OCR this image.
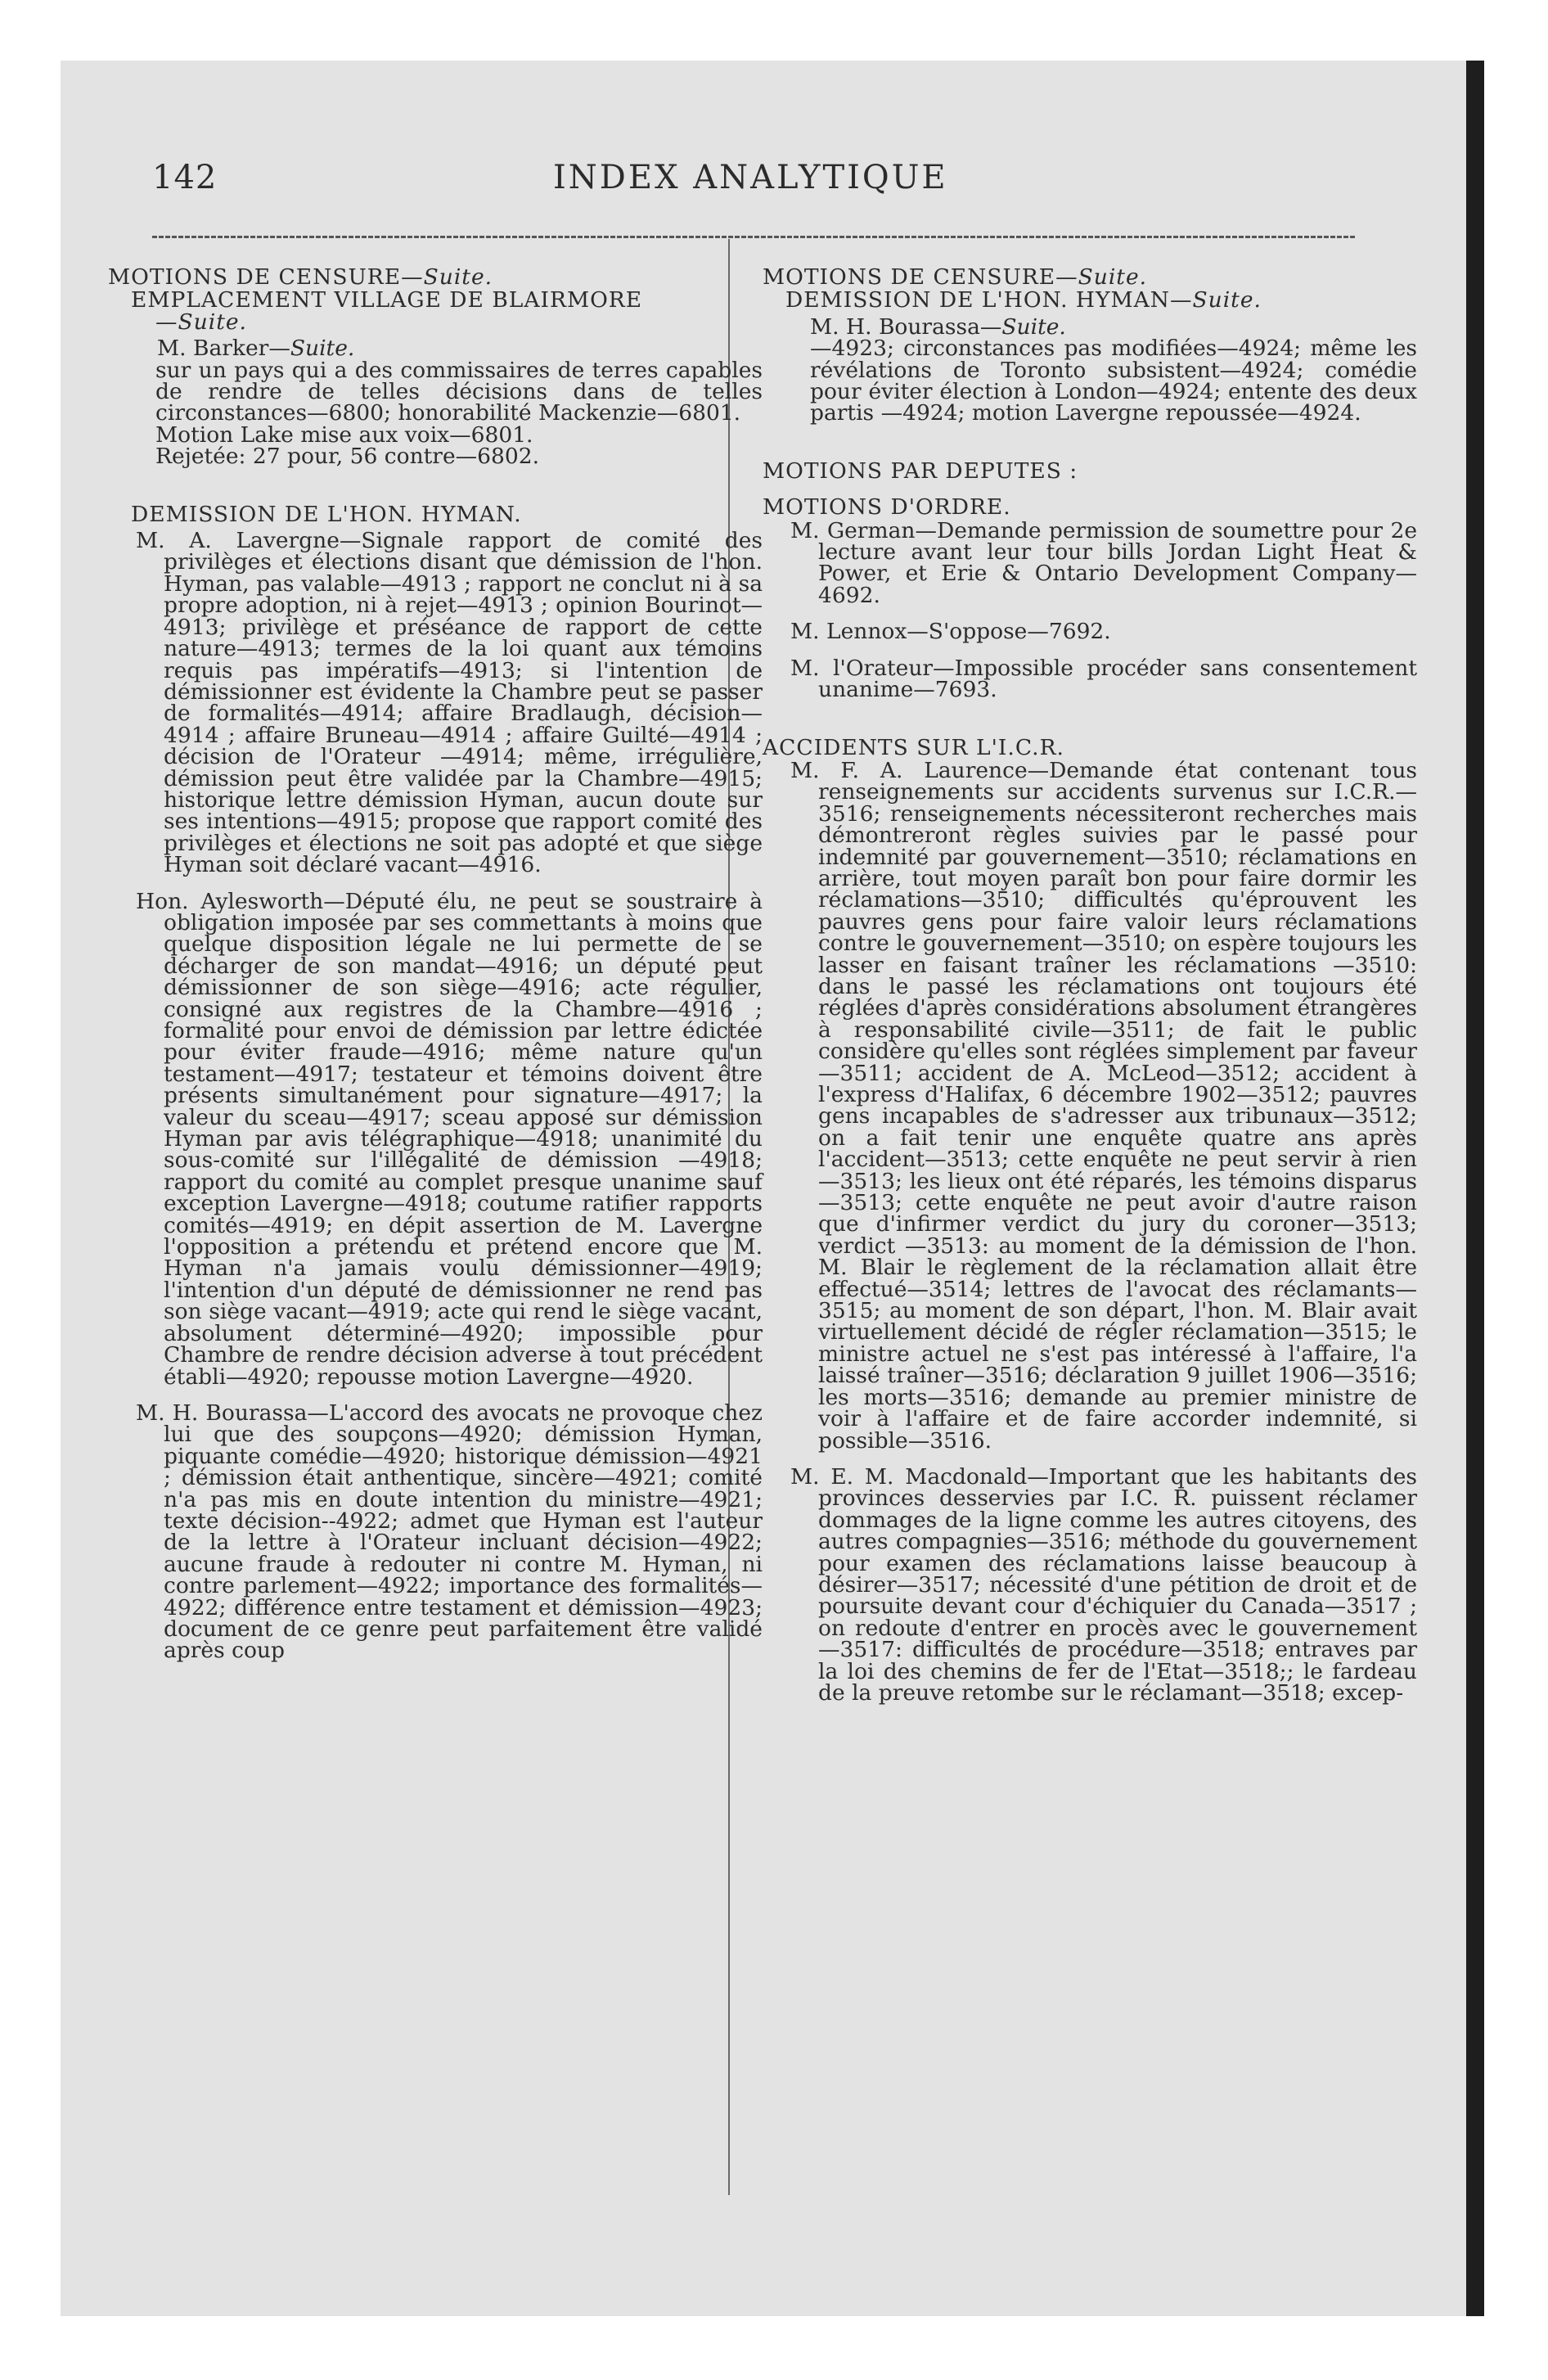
142	INDEX ANALYTIQUE

MOTIONS DE CENSURE—Suite.

EMPLACEMENT VILLAGE DE BLAIRMORE

—Suite.

M. Barker—Suite.

sur un pays qui a des commissaires de terres capables de rendre de telles décisions dans de telles circonstances—6800; honorabilité Mackenzie—6801.

Motion Lake mise aux voix—6801.

Rejetée: 27 pour, 56 contre—6802.

DEMISSION DE L'HON. HYMAN.

M. A. Lavergne—Signale rapport de comité des privilèges et élections disant que démission de l'hon. Hyman, pas valable—4913 ; rapport ne conclut ni à sa propre adoption, ni à rejet—4913 ; opinion Bourinot—4913; privilège et préséance de rapport de cette nature—4913; termes de la loi quant aux témoins requis pas impératifs—4913; si l'intention de démissionner est évidente la Chambre peut se passer de formalités—4914; affaire Bradlaugh, décision—4914 ; affaire Bruneau—4914 ; affaire Guilté—4914 ; décision de l'Orateur —4914; même, irrégulière, démission peut être validée par la Chambre—4915; historique lettre démission Hyman, aucun doute sur ses intentions—4915; propose que rapport comité des privilèges et élections ne soit pas adopté et que siège Hyman soit déclaré vacant—4916.

Hon. Aylesworth—Député élu, ne peut se soustraire à obligation imposée par ses commettants à moins que quelque disposition légale ne lui permette de se décharger de son mandat—4916; un député peut démissionner de son siège—4916; acte régulier, consigné aux registres de la Chambre—4916 ; formalité pour envoi de démission par lettre édictée pour éviter fraude—4916; même nature qu'un testament—4917; testateur et témoins doivent être présents simultanément pour signature—4917; la valeur du sceau—4917; sceau apposé sur démission Hyman par avis télégraphique—4918; unanimité du sous-comité sur l'illégalité de démission —4918; rapport du comité au complet presque unanime sauf exception Lavergne—4918; coutume ratifier rapports comités—4919; en dépit assertion de M. Lavergne l'opposition a prétendu et prétend encore que M. Hyman n'a jamais voulu démissionner—4919; l'intention d'un député de démissionner ne rend pas son siège vacant—4919; acte qui rend le siège vacant, absolument déterminé—4920; impossible pour Chambre de rendre décision adverse à tout précédent établi—4920; repousse motion Lavergne—4920.

M. H. Bourassa—L'accord des avocats ne provoque chez lui que des soupçons—4920; démission Hyman, piquante comédie—4920; historique démission—4921 ; démission était anthentique, sincère—4921; comité n'a pas mis en doute intention du ministre—4921; texte décision--4922; admet que Hyman est l'auteur de la lettre à l'Orateur incluant décision—4922; aucune fraude à redouter ni contre M. Hyman, ni contre parlement—4922; importance des formalités—4922; différence entre testament et démission—4923; document de ce genre peut parfaitement être validé après coup

MOTIONS DE CENSURE—Suite.

DEMISSION DE L'HON. HYMAN—Suite.

M. H. Bourassa—Suite.

—4923; circonstances pas modifiées—4924; même les révélations de Toronto subsistent—4924; comédie pour éviter élection à London—4924; entente des deux partis —4924; motion Lavergne repoussée—4924.

MOTIONS PAR DEPUTES :

MOTIONS D'ORDRE.

M. German—Demande permission de soumettre pour 2e lecture avant leur tour bills Jordan Light Heat & Power, et Erie & Ontario Development Company—4692.

M. Lennox—S'oppose—7692.

M. l'Orateur—Impossible procéder sans consentement unanime—7693.

ACCIDENTS SUR L'I.C.R.

M. F. A. Laurence—Demande état contenant tous renseignements sur accidents survenus sur I.C.R.—3516; renseignements nécessiteront recherches mais démontreront règles suivies par le passé pour indemnité par gouvernement—3510; réclamations en arrière, tout moyen paraît bon pour faire dormir les réclamations—3510; difficultés qu'éprouvent les pauvres gens pour faire valoir leurs réclamations contre le gouvernement—3510; on espère toujours les lasser en faisant traîner les réclamations —3510: dans le passé les réclamations ont toujours été réglées d'après considérations absolument étrangères à responsabilité civile—3511; de fait le public considère qu'elles sont réglées simplement par faveur—3511; accident de A. McLeod—3512; accident à l'express d'Halifax, 6 décembre 1902—3512; pauvres gens incapables de s'adresser aux tribunaux—3512; on a fait tenir une enquête quatre ans après l'accident—3513; cette enquête ne peut servir à rien—3513; les lieux ont été réparés, les témoins disparus—3513; cette enquête ne peut avoir d'autre raison que d'infirmer verdict du jury du coroner—3513; verdict —3513: au moment de la démission de l'hon. M. Blair le règlement de la réclamation allait être effectué—3514; lettres de l'avocat des réclamants—3515; au moment de son départ, l'hon. M. Blair avait virtuellement décidé de régler réclamation—3515; le ministre actuel ne s'est pas intéressé à l'affaire, l'a laissé traîner—3516; déclaration 9 juillet 1906—3516; les morts—3516; demande au premier ministre de voir à l'affaire et de faire accorder indemnité, si possible—3516.

M. E. M. Macdonald—Important que les habitants des provinces desservies par I.C. R. puissent réclamer dommages de la ligne comme les autres citoyens, des autres compagnies—3516; méthode du gouvernement pour examen des réclamations laisse beaucoup à désirer—3517; nécessité d'une pétition de droit et de poursuite devant cour d'échiquier du Canada—3517 ; on redoute d'entrer en procès avec le gouvernement—3517: difficultés de procédure—3518; entraves par la loi des chemins de fer de l'Etat—3518;; le fardeau de la preuve retombe sur le réclamant—3518; excep-
